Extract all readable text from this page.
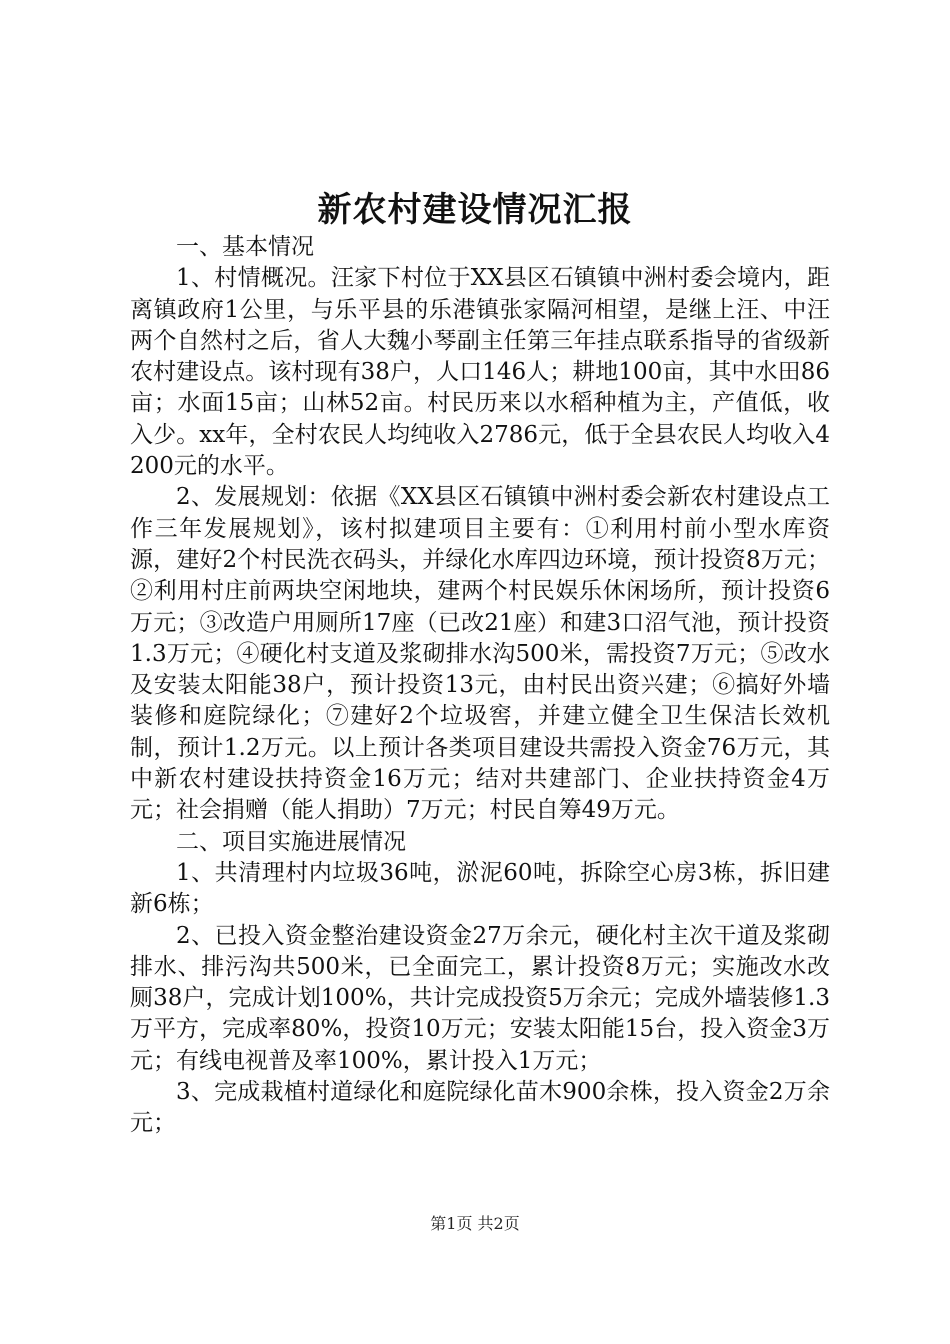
新农村建设情况汇报

一、基本情况

1、村情概况。汪家下村位于XX县区石镇镇中洲村委会境内，距离镇政府1公里，与乐平县的乐港镇张家隔河相望，是继上汪、中汪两个自然村之后，省人大魏小琴副主任第三年挂点联系指导的省级新农村建设点。该村现有38户，人口146人；耕地100亩，其中水田86亩；水面15亩；山林52亩。村民历来以水稻种植为主，产值低，收入少。xx年，全村农民人均纯收入2786元，低于全县农民人均收入4200元的水平。

2、发展规划：依据《XX县区石镇镇中洲村委会新农村建设点工作三年发展规划》，该村拟建项目主要有：①利用村前小型水库资源，建好2个村民洗衣码头，并绿化水库四边环境，预计投资8万元；②利用村庄前两块空闲地块，建两个村民娱乐休闲场所，预计投资6万元；③改造户用厕所17座（已改21座）和建3口沼气池，预计投资1.3万元；④硬化村支道及浆砌排水沟500米，需投资7万元；⑤改水及安装太阳能38户，预计投资13元，由村民出资兴建；⑥搞好外墙装修和庭院绿化；⑦建好2个垃圾窖，并建立健全卫生保洁长效机制，预计1.2万元。以上预计各类项目建设共需投入资金76万元，其中新农村建设扶持资金16万元；结对共建部门、企业扶持资金4万元；社会捐赠（能人捐助）7万元；村民自筹49万元。

二、项目实施进展情况

1、共清理村内垃圾36吨，淤泥60吨，拆除空心房3栋，拆旧建新6栋；

2、已投入资金整治建设资金27万余元，硬化村主次干道及浆砌排水、排污沟共500米，已全面完工，累计投资8万元；实施改水改厕38户，完成计划100%，共计完成投资5万余元；完成外墙装修1.3万平方，完成率80%，投资10万元；安装太阳能15台，投入资金3万元；有线电视普及率100%，累计投入1万元；

3、完成栽植村道绿化和庭院绿化苗木900余株，投入资金2万余元；

第1页 共2页
